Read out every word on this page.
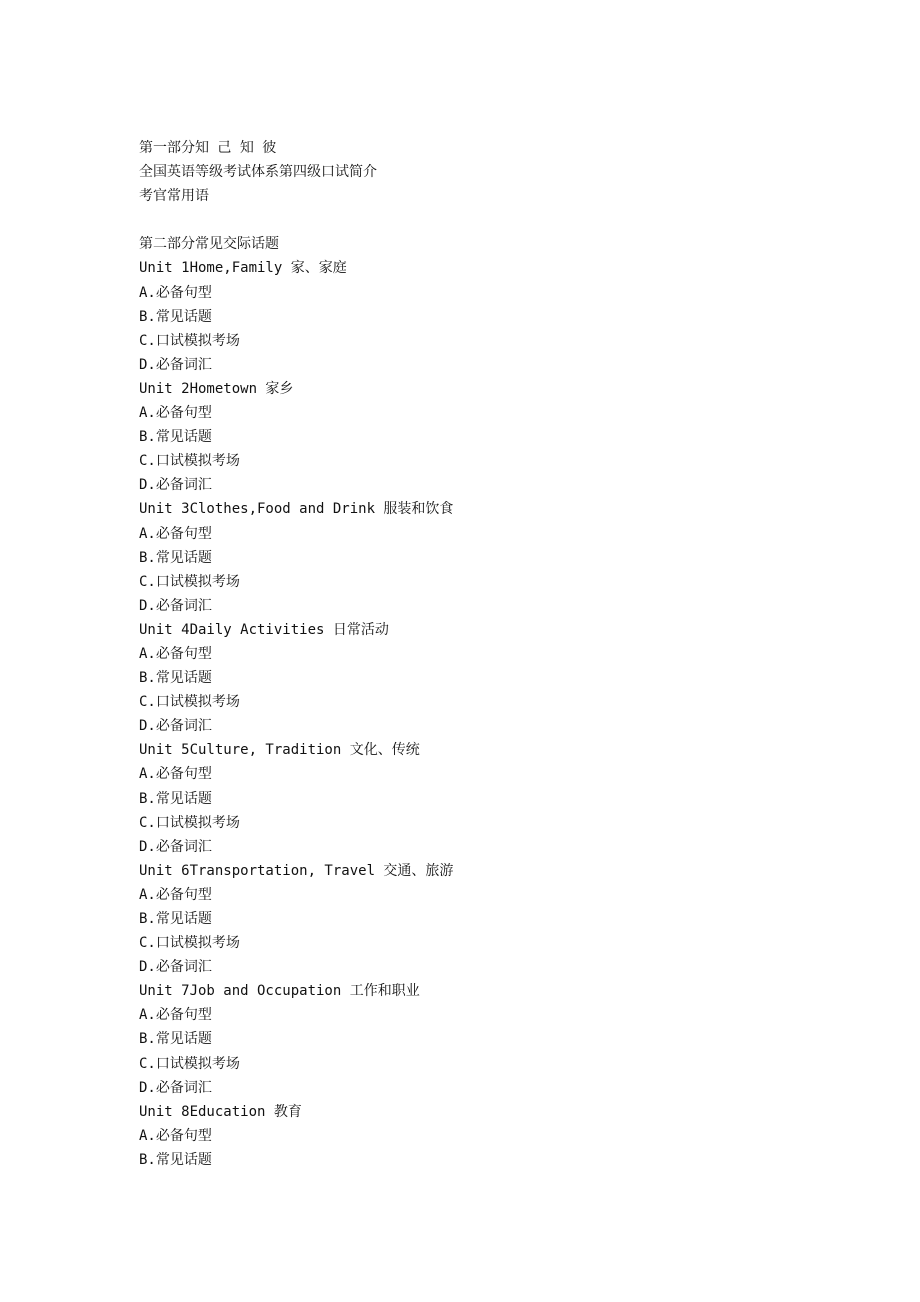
第一部分知 己 知 彼
全国英语等级考试体系第四级口试简介
考官常用语
第二部分常见交际话题
Unit 1Home,Family 家、家庭
A.必备句型
B.常见话题
C.口试模拟考场
D.必备词汇
Unit 2Hometown 家乡
A.必备句型
B.常见话题
C.口试模拟考场
D.必备词汇
Unit 3Clothes,Food and Drink 服装和饮食
A.必备句型
B.常见话题
C.口试模拟考场
D.必备词汇
Unit 4Daily Activities 日常活动
A.必备句型
B.常见话题
C.口试模拟考场
D.必备词汇
Unit 5Culture, Tradition 文化、传统
A.必备句型
B.常见话题
C.口试模拟考场
D.必备词汇
Unit 6Transportation, Travel 交通、旅游
A.必备句型
B.常见话题
C.口试模拟考场
D.必备词汇
Unit 7Job and Occupation 工作和职业
A.必备句型
B.常见话题
C.口试模拟考场
D.必备词汇
Unit 8Education 教育
A.必备句型
B.常见话题
